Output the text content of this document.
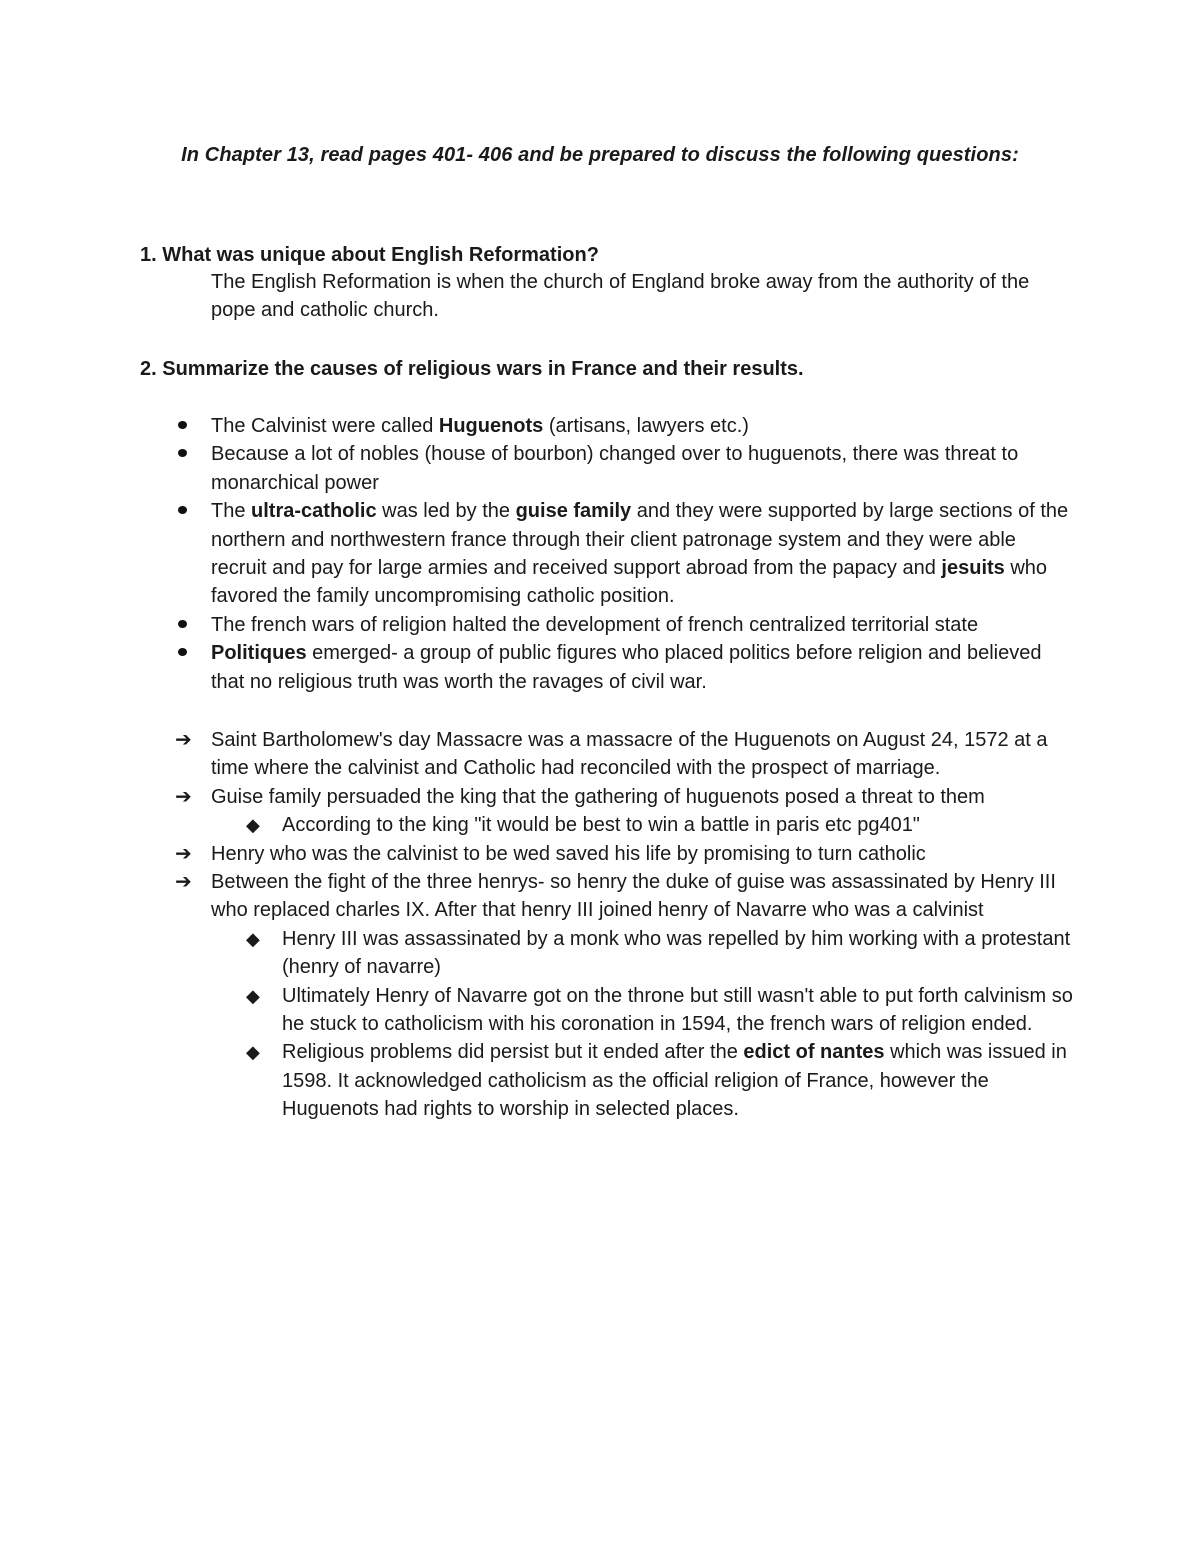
In Chapter 13, read pages 401- 406 and be prepared to discuss the following questions:
1. What was unique about English Reformation?
The English Reformation is when the church of England broke away from the authority of the pope and catholic church.
2. Summarize the causes of religious wars in France and their results.
The Calvinist were called Huguenots (artisans, lawyers etc.)
Because a lot of nobles (house of bourbon) changed over to huguenots, there was threat to monarchical power
The ultra-catholic was led by the guise family and they were supported by large sections of the northern and northwestern france through their client patronage system and they were able recruit and pay for large armies and received support abroad from the papacy and jesuits who favored the family uncompromising catholic position.
The french wars of religion halted the development of french centralized territorial state
Politiques emerged- a group of public figures who placed politics before religion and believed that no religious truth was worth the ravages of civil war.
➔ Saint Bartholomew's day Massacre was a massacre of the Huguenots on August 24, 1572 at a time where the calvinist and Catholic had reconciled with the prospect of marriage.
➔ Guise family persuaded the king that the gathering of huguenots posed a threat to them
◆ According to the king "it would be best to win a battle in paris etc pg401"
➔ Henry who was the calvinist to be wed saved his life by promising to turn catholic
➔ Between the fight of the three henrys- so henry the duke of guise was assassinated by Henry III who replaced charles IX. After that henry III joined henry of Navarre who was a calvinist
◆ Henry III was assassinated by a monk who was repelled by him working with a protestant (henry of navarre)
◆ Ultimately Henry of Navarre got on the throne but still wasn't able to put forth calvinism so he stuck to catholicism with his coronation in 1594, the french wars of religion ended.
◆ Religious problems did persist but it ended after the edict of nantes which was issued in 1598. It acknowledged catholicism as the official religion of France, however the Huguenots had rights to worship in selected places.
